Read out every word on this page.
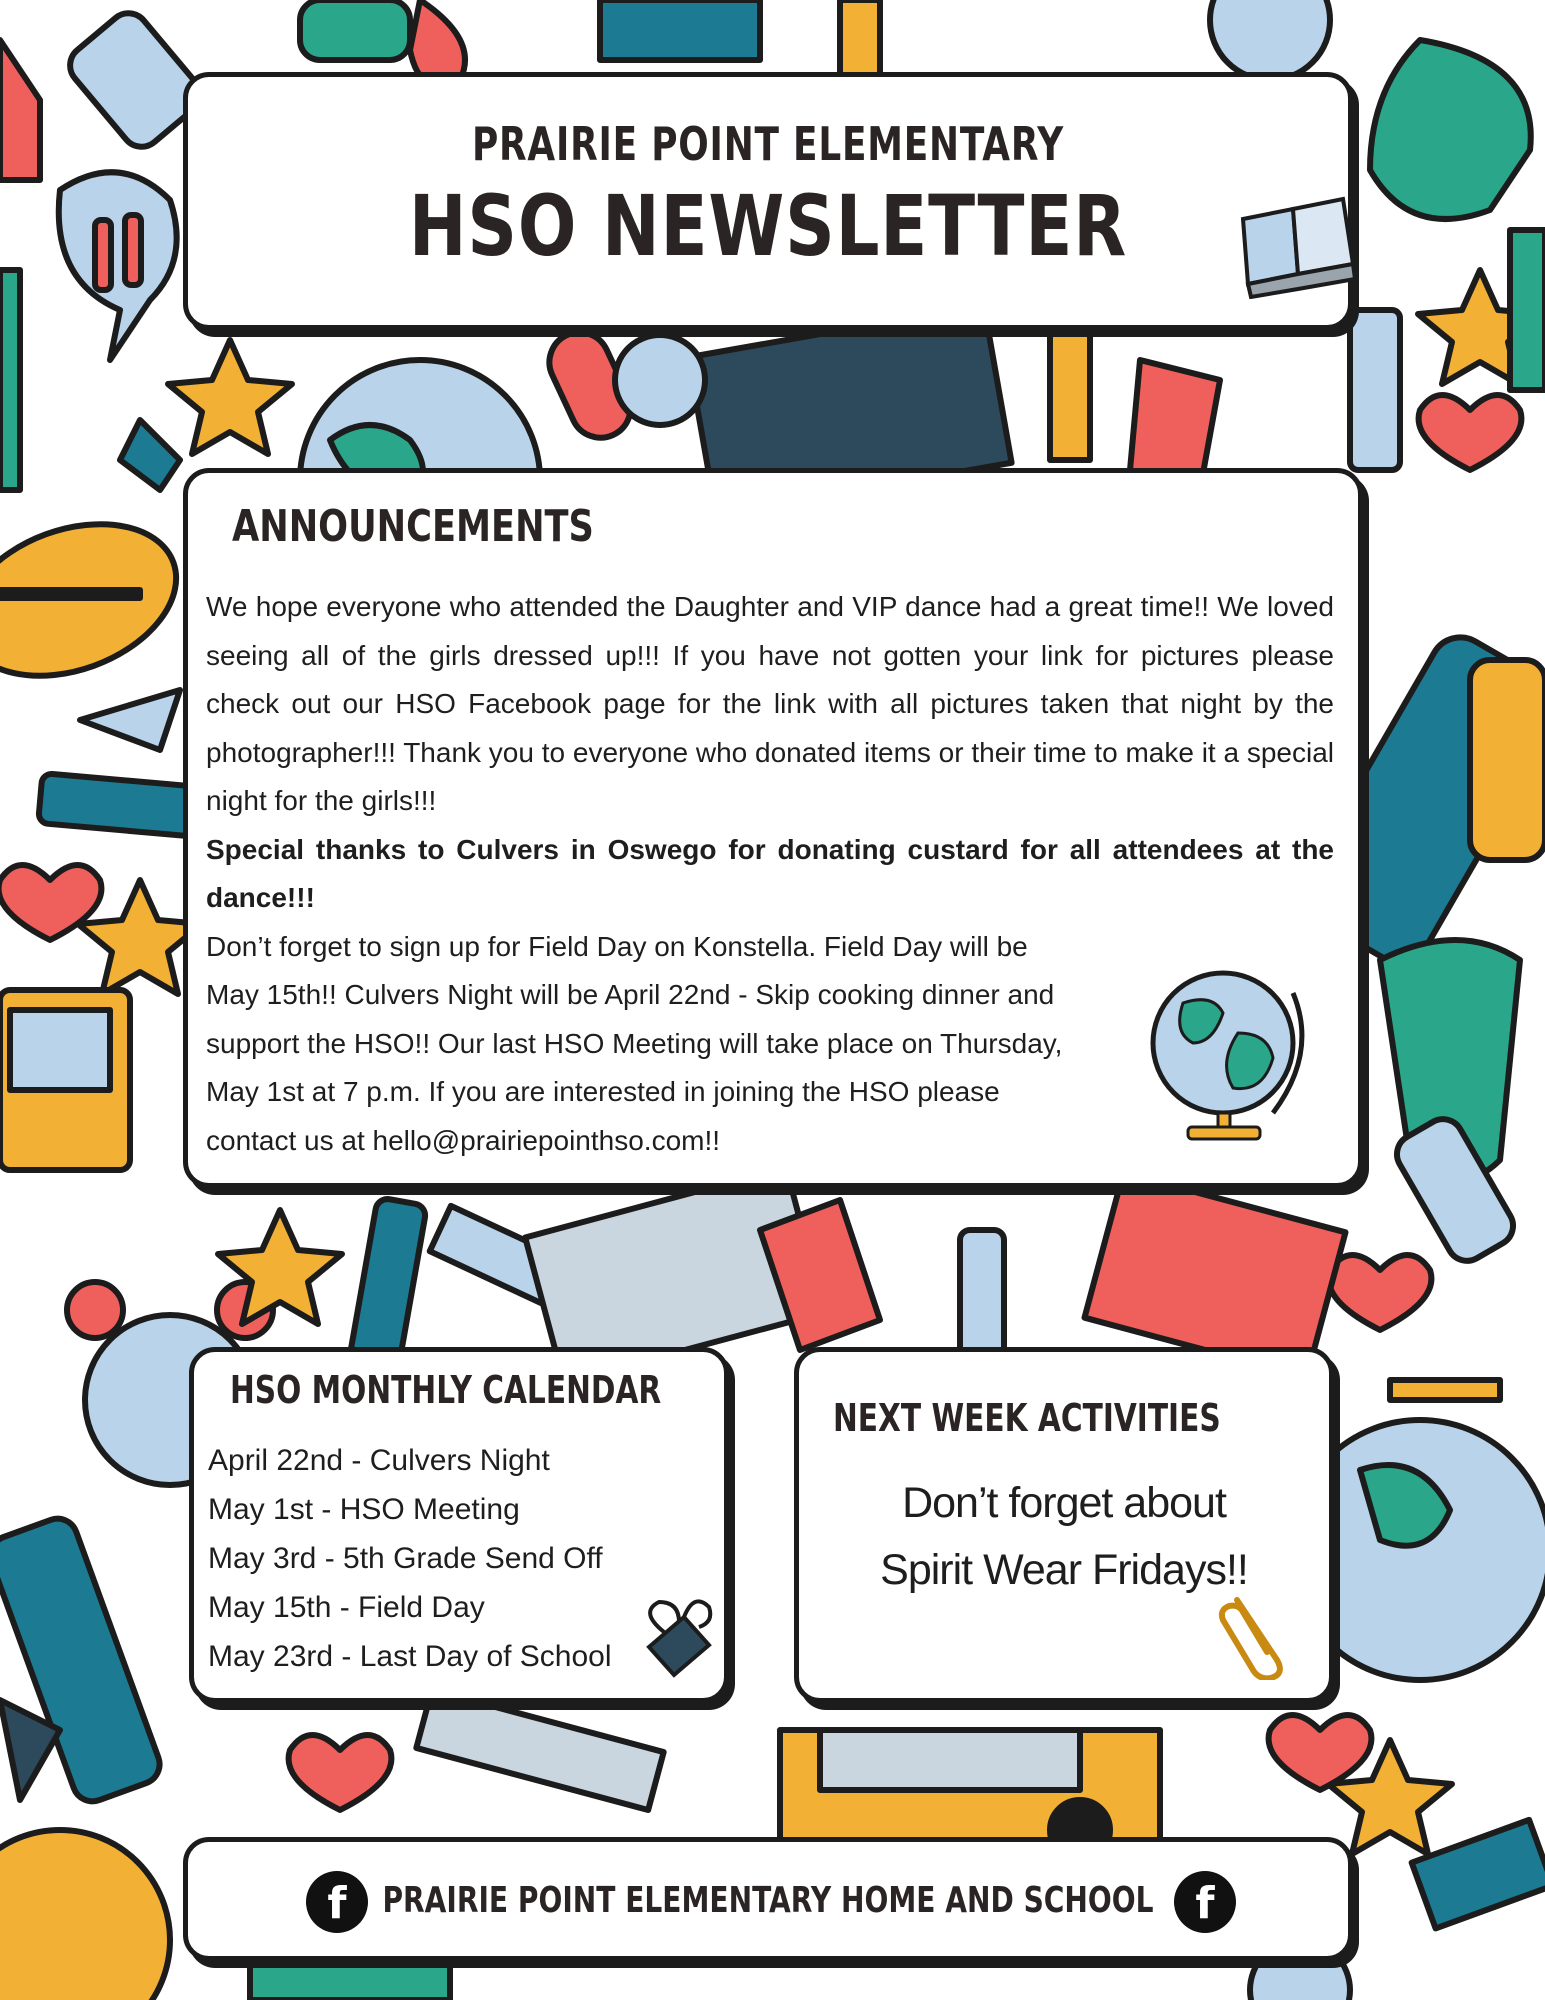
PRAIRIE POINT ELEMENTARY
HSO NEWSLETTER
ANNOUNCEMENTS

We hope everyone who attended the Daughter and VIP dance had a great time!! We loved seeing all of the girls dressed up!!! If you have not gotten your link for pictures please check out our HSO Facebook page for the link with all pictures taken that night by the photographer!!! Thank you to everyone who donated items or their time to make it a special night for the girls!!!

Special thanks to Culvers in Oswego for donating custard for all attendees at the dance!!!

Don’t forget to sign up for Field Day on Konstella. Field Day will be May 15th!! Culvers Night will be April 22nd - Skip cooking dinner and support the HSO!! Our last HSO Meeting will take place on Thursday, May 1st at 7 p.m. If you are interested in joining the HSO please contact us at hello@prairiepointhso.com!!

HSO MONTHLY CALENDAR
April 22nd - Culvers Night
May 1st - HSO Meeting
May 3rd - 5th Grade Send Off
May 15th - Field Day
May 23rd - Last Day of School
NEXT WEEK ACTIVITIES
Don’t forget about
Spirit Wear Fridays!!
f PRAIRIE POINT ELEMENTARY HOME AND SCHOOL f
